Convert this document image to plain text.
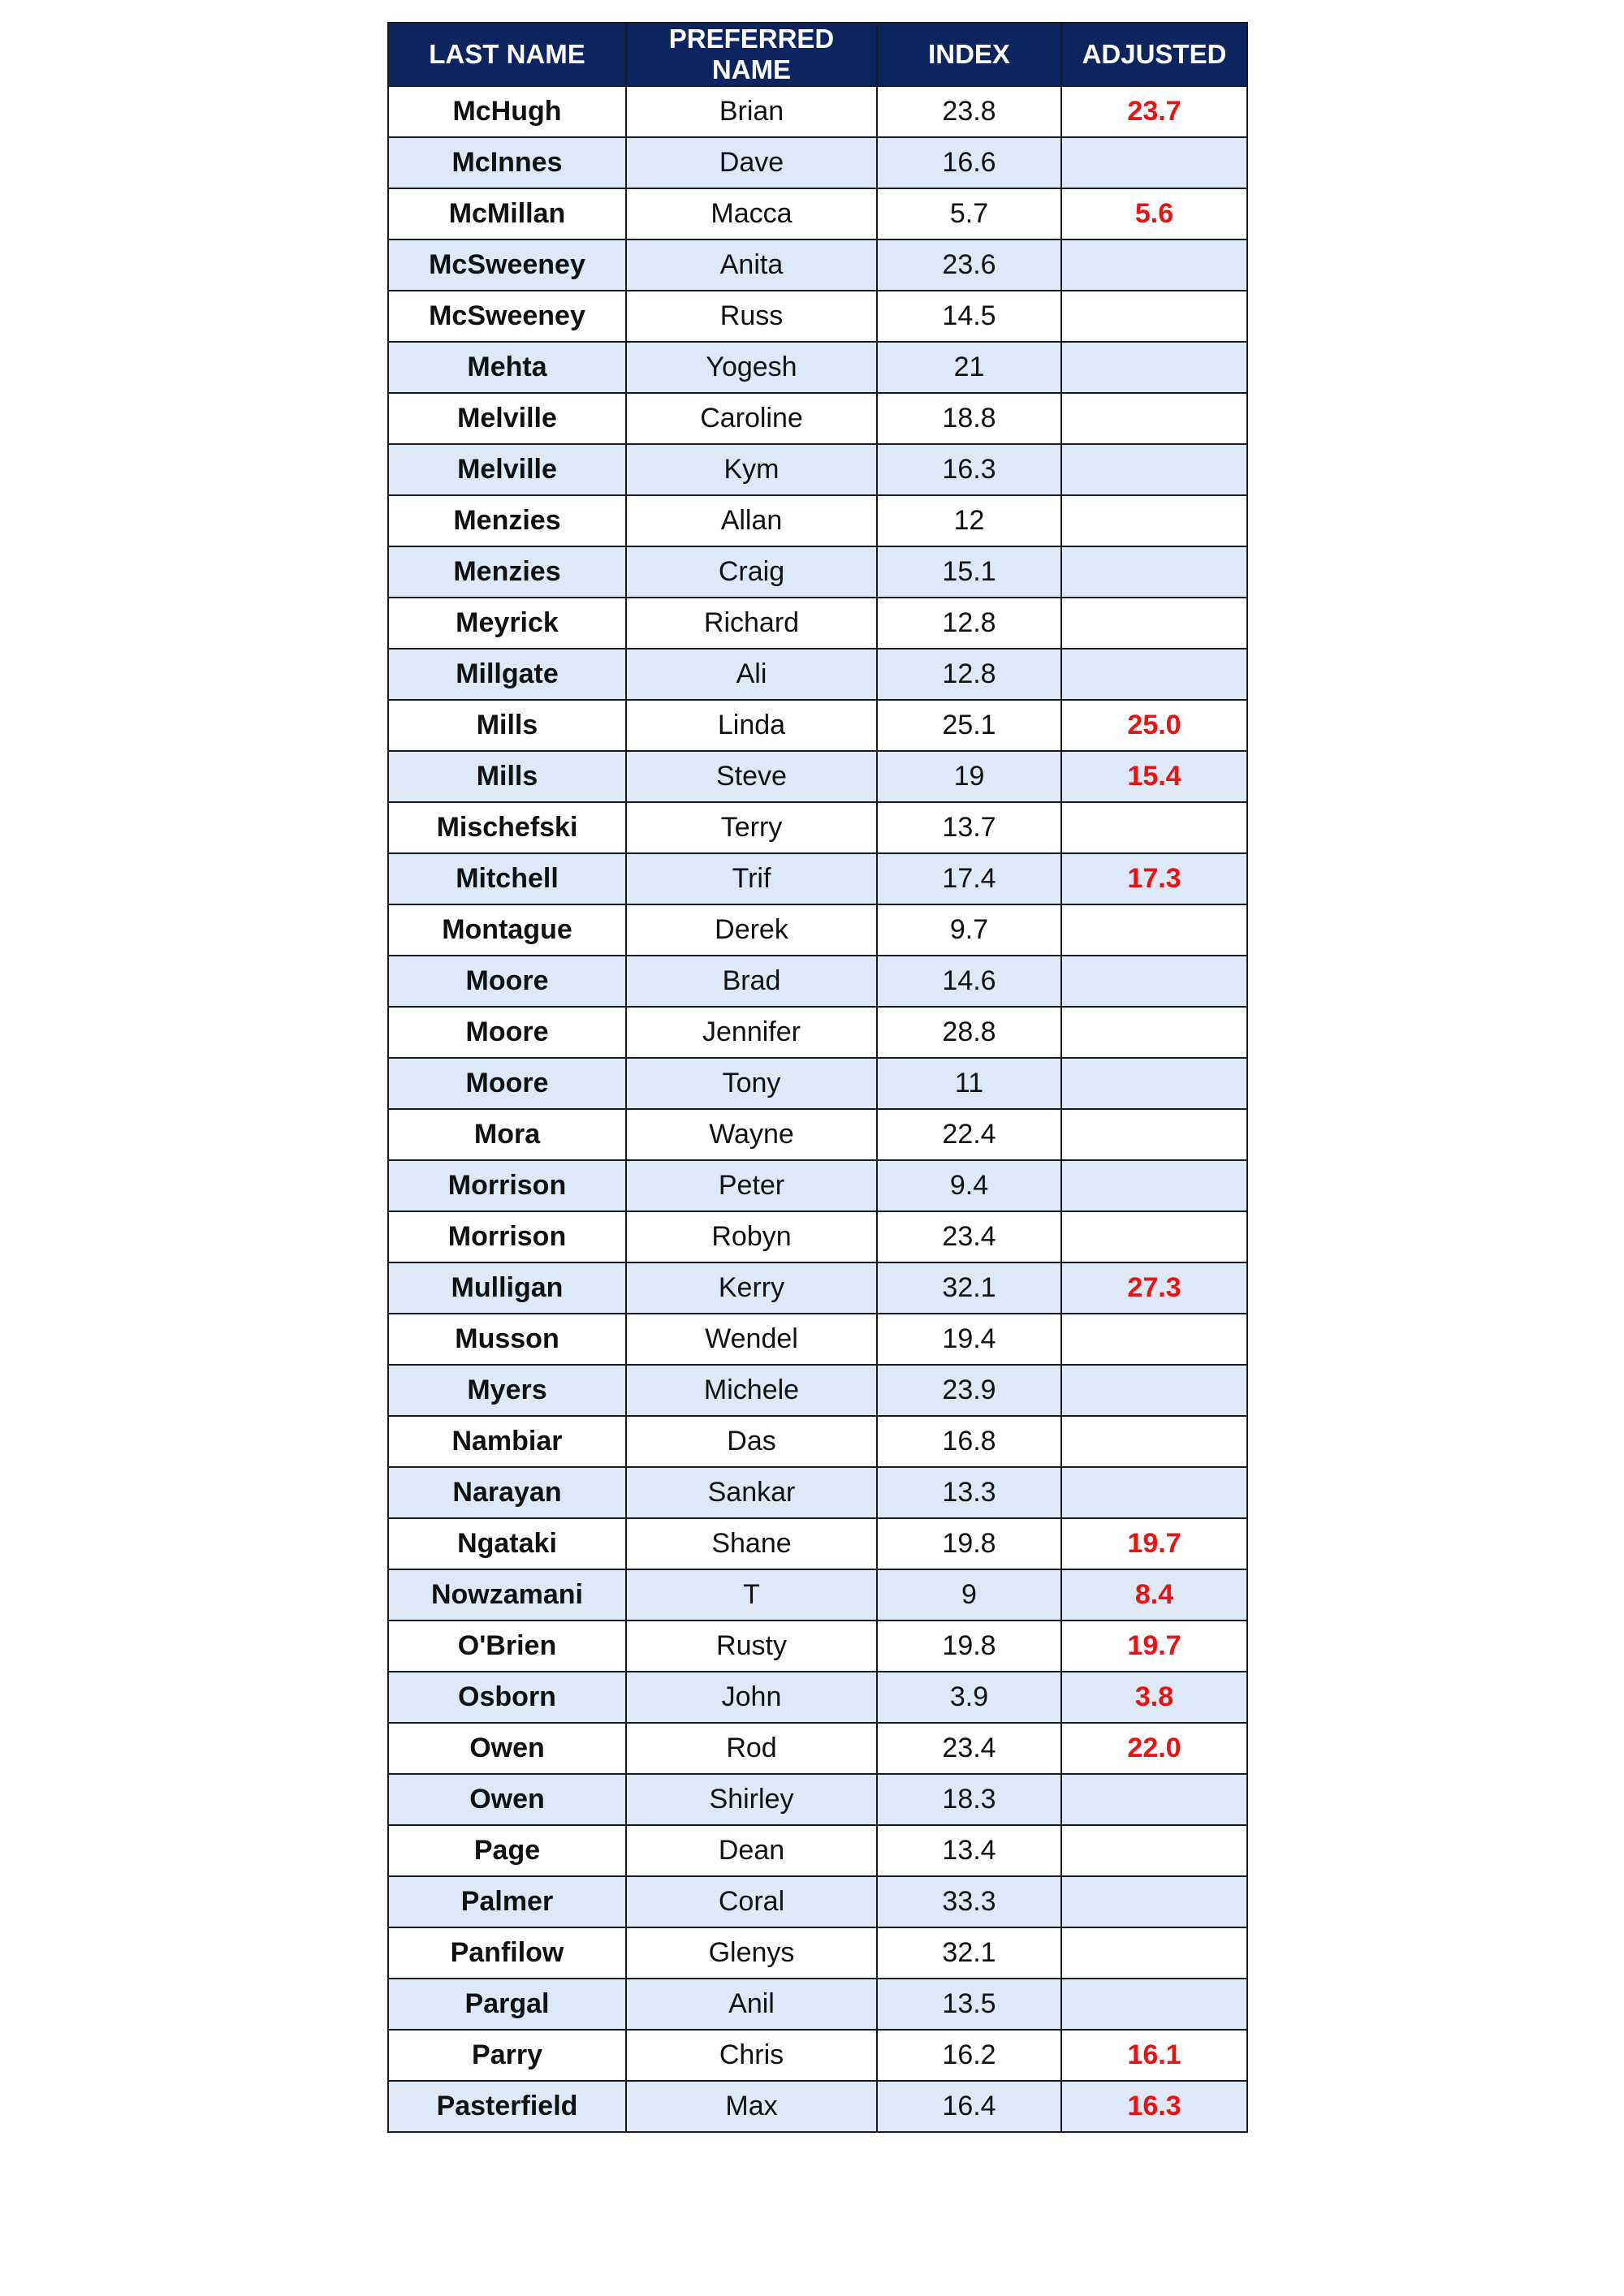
LAST NAME	PREFERRED NAME	INDEX	ADJUSTED
McHugh	Brian	23.8	23.7
McInnes	Dave	16.6	
McMillan	Macca	5.7	5.6
McSweeney	Anita	23.6	
McSweeney	Russ	14.5	
Mehta	Yogesh	21	
Melville	Caroline	18.8	
Melville	Kym	16.3	
Menzies	Allan	12	
Menzies	Craig	15.1	
Meyrick	Richard	12.8	
Millgate	Ali	12.8	
Mills	Linda	25.1	25.0
Mills	Steve	19	15.4
Mischefski	Terry	13.7	
Mitchell	Trif	17.4	17.3
Montague	Derek	9.7	
Moore	Brad	14.6	
Moore	Jennifer	28.8	
Moore	Tony	11	
Mora	Wayne	22.4	
Morrison	Peter	9.4	
Morrison	Robyn	23.4	
Mulligan	Kerry	32.1	27.3
Musson	Wendel	19.4	
Myers	Michele	23.9	
Nambiar	Das	16.8	
Narayan	Sankar	13.3	
Ngataki	Shane	19.8	19.7
Nowzamani	T	9	8.4
O'Brien	Rusty	19.8	19.7
Osborn	John	3.9	3.8
Owen	Rod	23.4	22.0
Owen	Shirley	18.3	
Page	Dean	13.4	
Palmer	Coral	33.3	
Panfilow	Glenys	32.1	
Pargal	Anil	13.5	
Parry	Chris	16.2	16.1
Pasterfield	Max	16.4	16.3
